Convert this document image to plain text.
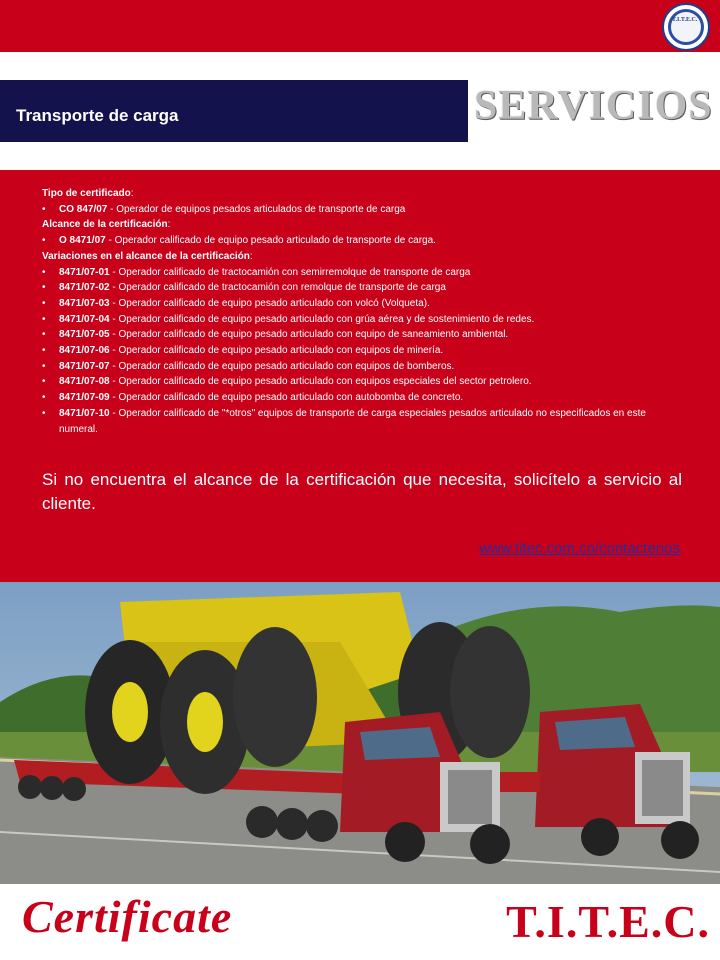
T.I.T.E.C.
Transporte de carga	SERVICIOS
Tipo de certificado:
• CO 847/07 - Operador de equipos pesados articulados de transporte de carga
Alcance de la certificación:
• O 8471/07 - Operador calificado de equipo pesado articulado de transporte de carga.
Variaciones en el alcance de la certificación:
• 8471/07-01 - Operador calificado de tractocamión con semirremolque de transporte de carga
• 8471/07-02 - Operador calificado de tractocamión con remolque de transporte de carga
• 8471/07-03 - Operador calificado de equipo pesado articulado con volcó (Volqueta).
• 8471/07-04 - Operador calificado de equipo pesado articulado con grúa aérea y de sostenimiento de redes.
• 8471/07-05 - Operador calificado de equipo pesado articulado con equipo de saneamiento ambiental.
• 8471/07-06 - Operador calificado de equipo pesado articulado con equipos de minería.
• 8471/07-07 - Operador calificado de equipo pesado articulado con equipos de bomberos.
• 8471/07-08 - Operador calificado de equipo pesado articulado con equipos especiales del sector petrolero.
• 8471/07-09 - Operador calificado de equipo pesado articulado con autobomba de concreto.
• 8471/07-10 - Operador calificado de "*otros" equipos de transporte de carga especiales pesados articulado no especificados en este numeral.
Si no encuentra el alcance de la certificación que necesita, solicítelo a servicio al cliente.
www.titec.com.co/contactenos
Certificate	T.I.T.E.C.
